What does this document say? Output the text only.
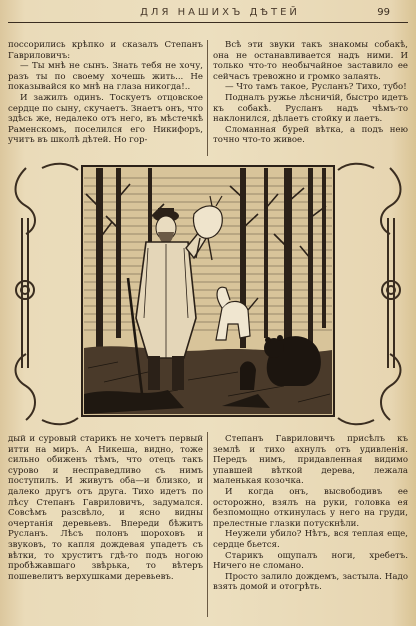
ДЛЯ НАШИХЪ ДѢТЕЙ	99

поссорились крѣпко и сказалъ Степанъ Гавриловичъ:

— Ты мнѣ не сынъ. Знать тебя не хочу, разъ ты по своему хочешь жить... Не показывайся ко мнѣ на глаза никогда!..

И зажилъ одинъ. Тоскуетъ отцовское сердце по сыну, скучаетъ. Знаетъ онъ, что здѣсь же, недалеко отъ него, въ мѣстечкѣ Раменскомъ, поселился его Никифоръ, учитъ въ школѣ дѣтей. Но гор-

Всѣ эти звуки такъ знакомы собакѣ, она не останавливается надъ ними. И только что-то необычайное заставило ее сейчасъ тревожно и громко залаять.

— Что тамъ такое, Русланъ? Тихо, тубо!

Подналъ ружье лѣсничій, быстро идетъ къ собакѣ. Русланъ надъ чѣмъ-то наклонился, дѣлаетъ стойку и лаетъ.

Сломанная бурей вѣтка, а подъ нею точно что-то живое.

дый и суровый старикъ не хочетъ первый итти на миръ. А Никеша, видно, тоже сильно обиженъ тѣмъ, что отецъ такъ сурово и несправедливо съ нимъ поступилъ. И живутъ оба—и близко, и далеко другъ отъ друга. Тихо идетъ по лѣсу Степанъ Гавриловичъ, задумался. Совсѣмъ разсвѣло, и ясно видны очертанія деревьевъ. Впереди бѣжитъ Русланъ. Лѣсъ полонъ шороховъ и звуковъ, то капля дождевая упадетъ съ вѣтки, то хруститъ гдѣ-то подъ ногою пробѣжавшаго звѣрька, то вѣтеръ пошевелитъ верхушками деревьевъ.

Степанъ Гавриловичъ присѣлъ къ землѣ и тихо ахнулъ отъ удивленія. Передъ нимъ, придавленная видимо упавшей вѣткой дерева, лежала маленькая козочка.

И когда онъ, высвободивъ ее осторожно, взялъ на руки, головка ея безпомощно откинулась у него на груди, прелестные глазки потускнѣли.

Неужели убило? Нѣтъ, вся теплая еще, сердце бьется.

Старикъ ощупалъ ноги, хребетъ. Ничего не сломано.

Просто залило дождемъ, застыла. Надо взять домой и отогрѣть.
